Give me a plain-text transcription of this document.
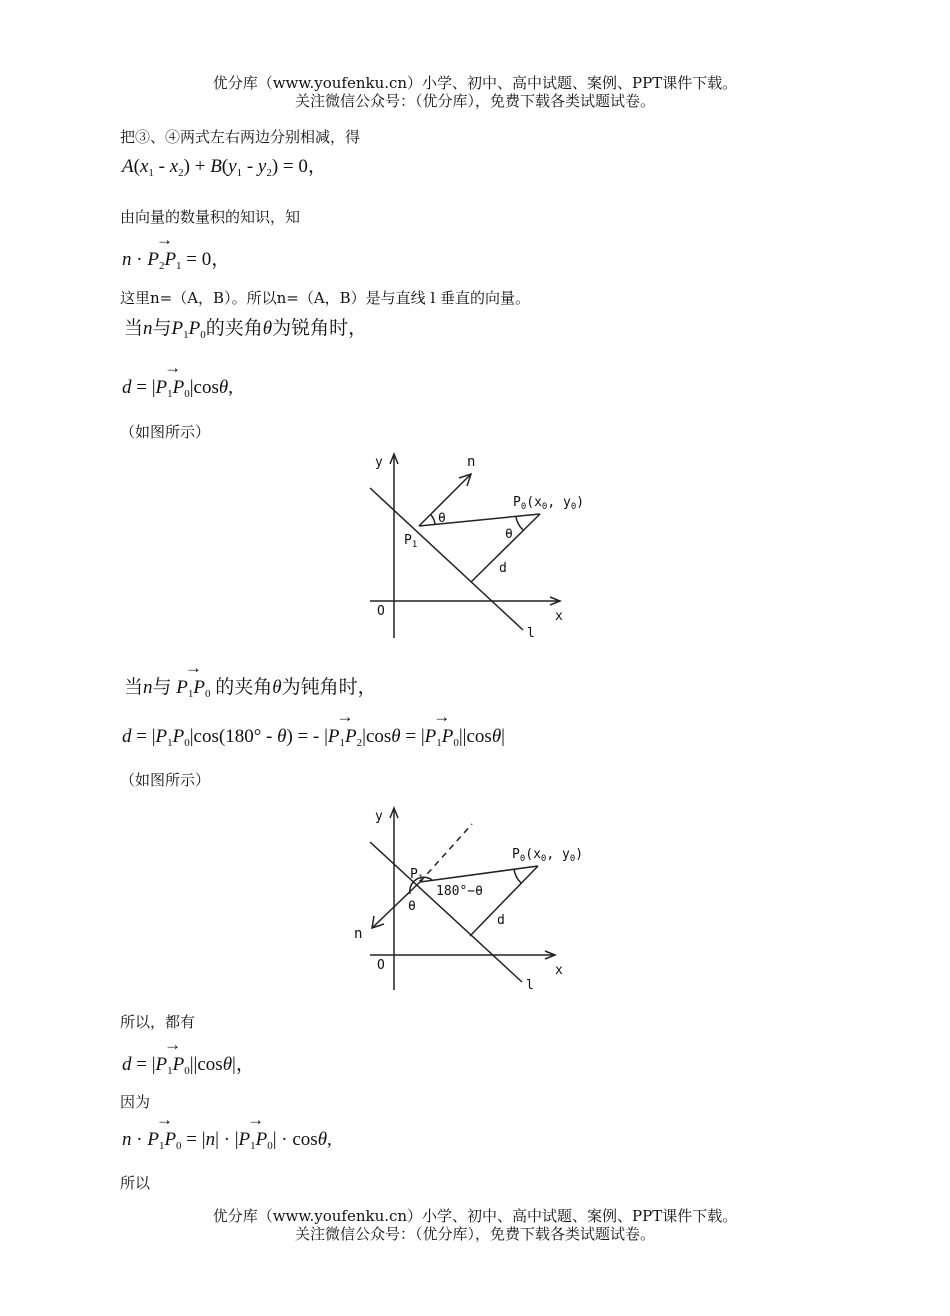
优分库（www.youfenku.cn）小学、初中、高中试题、案例、PPT课件下载。
关注微信公众号：（优分库），免费下载各类试题试卷。
把③、④两式左右两边分别相减，得
$A(x_1 - x_2) + B(y_1 - y_2) = 0$，
由向量的数量积的知识，知
n · → $P_2P_1 = 0$，
这里n=（A，B）。所以n=（A，B）是与直线 l 垂直的向量。
当n与$P_1P_0$的夹角θ为锐角时，
d = |→ $P_1P_0|\cos\theta$,
（如图所示）
y
x
O
l
n
$P_0(x_0$, $y_0$)
$P_1$
θ
θ
d
当n与 → $P_1P_0$ 的夹角θ为钝角时，
$d = |P_1P_0|\cos(180^\circ - \theta)$ = - |→ $P_1P_2|\cos\theta$ = |→ $P_1P_0||\cos\theta|$
（如图所示）
y
x
O
l
n
$P_0(x_0$, $y_0$)
$P_1$
180°−θ
θ
d
所以，都有
d = |→ $P_1P_0||\cos\theta|$，
因为
n · → $P_1P_0 = |n|$ · |→ $P_1P_0| \cdot \cos\theta$,
所以
优分库（www.youfenku.cn）小学、初中、高中试题、案例、PPT课件下载。
关注微信公众号：（优分库），免费下载各类试题试卷。
